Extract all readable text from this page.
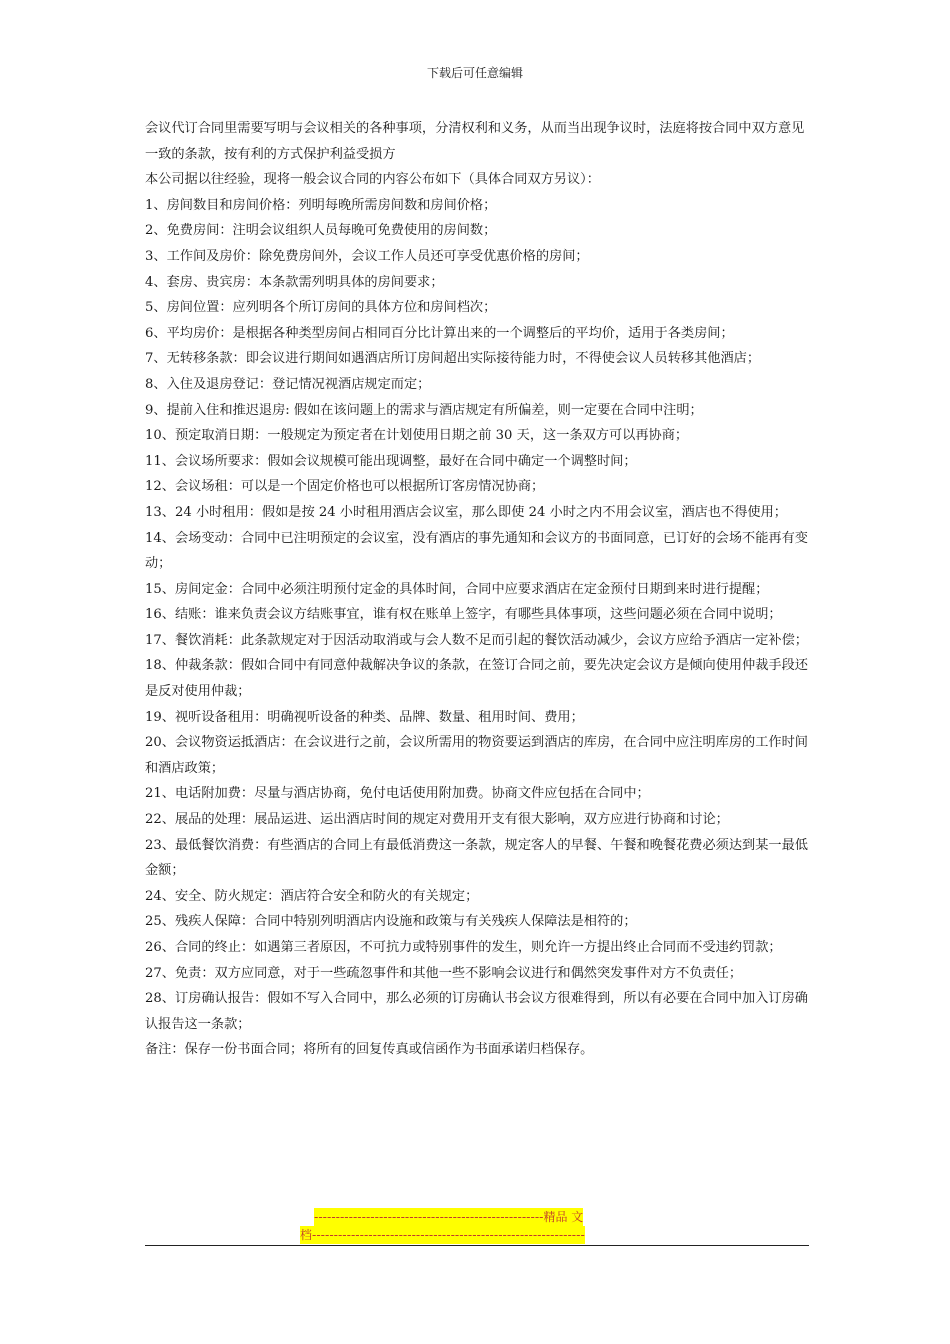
下载后可任意编辑

会议代订合同里需要写明与会议相关的各种事项，分清权利和义务，从而当出现争议时，法庭将按合同中双方意见一致的条款，按有利的方式保护利益受损方

本公司据以往经验，现将一般会议合同的内容公布如下（具体合同双方另议）：

1、房间数目和房间价格：列明每晚所需房间数和房间价格；

2、免费房间：注明会议组织人员每晚可免费使用的房间数；

3、工作间及房价：除免费房间外，会议工作人员还可享受优惠价格的房间；

4、套房、贵宾房：本条款需列明具体的房间要求；

5、房间位置：应列明各个所订房间的具体方位和房间档次；

6、平均房价：是根据各种类型房间占相同百分比计算出来的一个调整后的平均价，适用于各类房间；

7、无转移条款：即会议进行期间如遇酒店所订房间超出实际接待能力时，不得使会议人员转移其他酒店；

8、入住及退房登记：登记情况视酒店规定而定；

9、提前入住和推迟退房: 假如在该问题上的需求与酒店规定有所偏差，则一定要在合同中注明；

10、预定取消日期：一般规定为预定者在计划使用日期之前 30 天，这一条双方可以再协商；

11、会议场所要求：假如会议规模可能出现调整，最好在合同中确定一个调整时间；

12、会议场租：可以是一个固定价格也可以根据所订客房情况协商；

13、24 小时租用：假如是按 24 小时租用酒店会议室，那么即使 24 小时之内不用会议室，酒店也不得使用；

14、会场变动：合同中已注明预定的会议室，没有酒店的事先通知和会议方的书面同意，已订好的会场不能再有变动；

15、房间定金：合同中必须注明预付定金的具体时间，合同中应要求酒店在定金预付日期到来时进行提醒；

16、结账：谁来负责会议方结账事宜，谁有权在账单上签字，有哪些具体事项，这些问题必须在合同中说明；

17、餐饮消耗：此条款规定对于因活动取消或与会人数不足而引起的餐饮活动减少，会议方应给予酒店一定补偿；

18、仲裁条款：假如合同中有同意仲裁解决争议的条款，在签订合同之前，要先决定会议方是倾向使用仲裁手段还是反对使用仲裁；

19、视听设备租用：明确视听设备的种类、品牌、数量、租用时间、费用；

20、会议物资运抵酒店：在会议进行之前，会议所需用的物资要运到酒店的库房，在合同中应注明库房的工作时间和酒店政策；

21、电话附加费：尽量与酒店协商，免付电话使用附加费。协商文件应包括在合同中；

22、展品的处理：展品运进、运出酒店时间的规定对费用开支有很大影响，双方应进行协商和讨论；

23、最低餐饮消费：有些酒店的合同上有最低消费这一条款，规定客人的早餐、午餐和晚餐花费必须达到某一最低金额；

24、安全、防火规定：酒店符合安全和防火的有关规定；

25、残疾人保障：合同中特别列明酒店内设施和政策与有关残疾人保障法是相符的；

26、合同的终止：如遇第三者原因，不可抗力或特别事件的发生，则允许一方提出终止合同而不受违约罚款；

27、免责：双方应同意，对于一些疏忽事件和其他一些不影响会议进行和偶然突发事件对方不负责任；

28、订房确认报告：假如不写入合同中，那么必须的订房确认书会议方很难得到，所以有必要在合同中加入订房确认报告这一条款；

备注：保存一份书面合同；将所有的回复传真或信函作为书面承诺归档保存。

-----------------------------------------------------精品 文
档---------------------------------------------------------------
